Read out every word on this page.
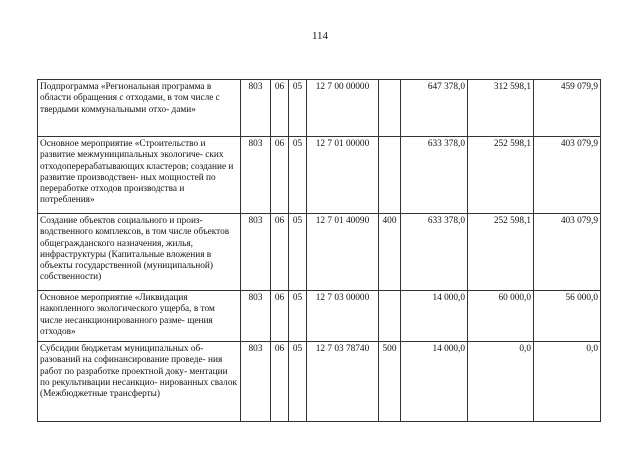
114
Подпрограмма «Региональная программа в области обращения с отходами, в том числе с твердыми коммунальными отхо- дами»	803	06	05	12 7 00 00000		647 378,0	312 598,1	459 079,9
Основное мероприятие «Строительство и развитие межмуниципальных экологиче- ских отходоперерабатывающих кластеров; создание и развитие производствен- ных мощностей по переработке отходов производства и потребления»	803	06	05	12 7 01 00000		633 378,0	252 598,1	403 079,9
Создание объектов социального и произ- водственного комплексов, в том числе объектов общегражданского назначения, жилья, инфраструктуры (Капитальные вложения в объекты государственной (муниципальной) собственности)	803	06	05	12 7 01 40090	400	633 378,0	252 598,1	403 079,9
Основное мероприятие «Ликвидация накопленного экологического ущерба, в том числе несанкционированного разме- щения отходов»	803	06	05	12 7 03 00000		14 000,0	60 000,0	56 000,0
Субсидии бюджетам муниципальных об- разований на софинансирование проведе- ния работ по разработке проектной доку- ментации по рекультивации несанкцио- нированных свалок (Межбюджетные трансферты)	803	06	05	12 7 03 78740	500	14 000,0	0,0	0,0
